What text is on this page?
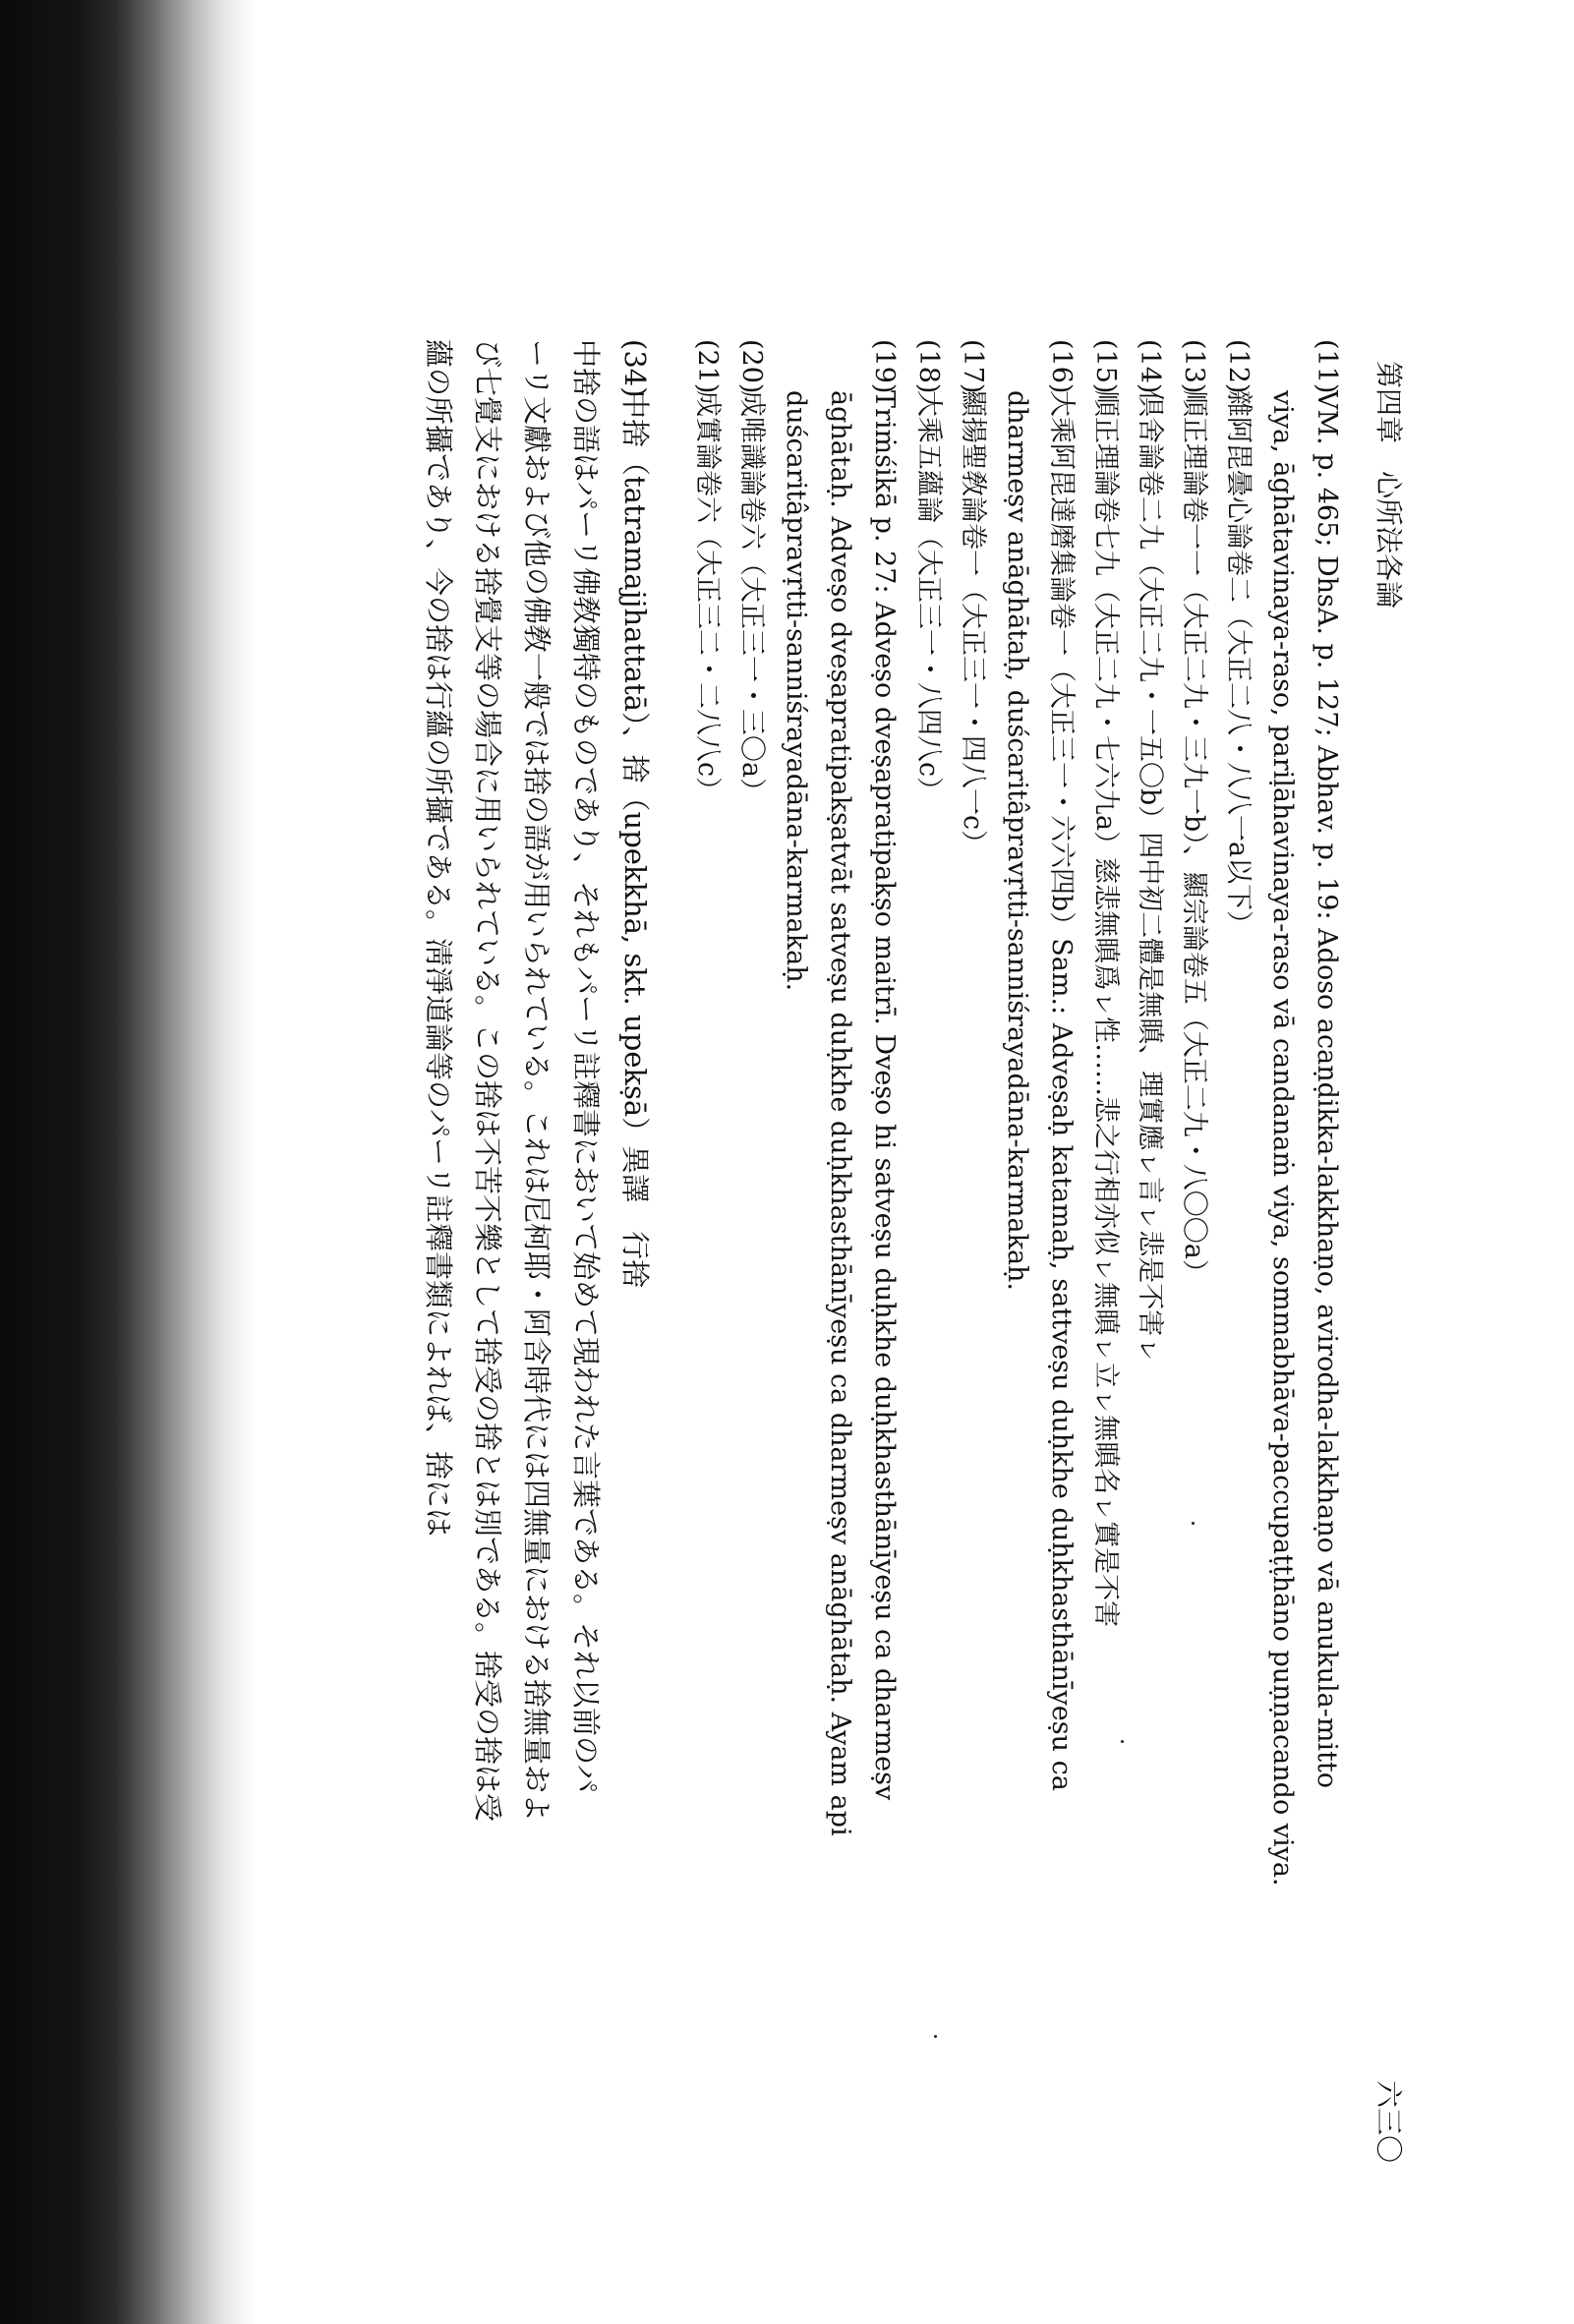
第四章　心所法各論
六三〇
(11)
VM. p. 465; DhsA. p. 127; Abhav. p. 19: Adoso acaṇḍikka-lakkhaṇo, avirodha-lakkhaṇo vā anukula-mitto
viya, āghātavinaya-raso, pariḷāhavinaya-raso vā candanaṁ viya, sommabhāva-paccupaṭṭhāno puṇṇacando viya.
(12)
雜阿毘曇心論卷二（大正二八・八八一a以下）
(13)
順正理論卷一一（大正二九・三九一b）、顯宗論卷五（大正二九・八〇〇a）
(14)
倶舍論卷二九（大正二九・一五〇b）四中初二體是無瞋、理實應ㇾ言ㇾ悲是不害ㇾ
(15)
順正理論卷七九（大正二九・七六九a）慈悲無瞋爲ㇾ性……悲之行相亦似ㇾ無瞋ㇾ立ㇾ無瞋名ㇾ實是不害
(16)
大乘阿毘達磨集論卷一（大正三一・六六四b）Sam.: Adveṣaḥ katamaḥ, sattveṣu duḥkhe duḥkhasthānīyeṣu ca
dharmeṣv anāghātaḥ, duścaritâpravṛtti-sanniśrayadāna-karmakaḥ.
(17)
顯揚聖敎論卷一（大正三一・四八一c）
(18)
大乘五蘊論（大正三一・八四八c）
(19)
Triṁśikā p. 27: Adveṣo dveṣapratipakṣo maitrī. Dveṣo hi satveṣu duḥkhe duḥkhasthānīyeṣu ca dharmeṣv
āghātaḥ. Adveṣo dveṣapratipakṣatvāt satveṣu duḥkhe duḥkhasthānīyeṣu ca dharmeṣv anāghātaḥ. Ayam api
duścaritâpravṛtti-sanniśrayadāna-karmakaḥ.
(20)
成唯識論卷六（大正三一・三〇a）
(21)
成實論卷六（大正三二・二八八c）
(34)中捨（tatramajjhattatā）、捨（upekkhā, skt. upekṣā）異譯　行捨
中捨の語はパーリ佛敎獨特のものであり、それもパーリ註釋書において始めて現われた言葉である。それ以前のパ
ーリ文獻および他の佛敎一般では捨の語が用いられている。これは尼柯耶・阿含時代には四無量における捨無量およ
び七覺支における捨覺支等の場合に用いられている。この捨は不苦不樂として捨受の捨とは別である。捨受の捨は受
蘊の所攝であり、今の捨は行蘊の所攝である。淸淨道論等のパーリ註釋書類によれば、捨には
